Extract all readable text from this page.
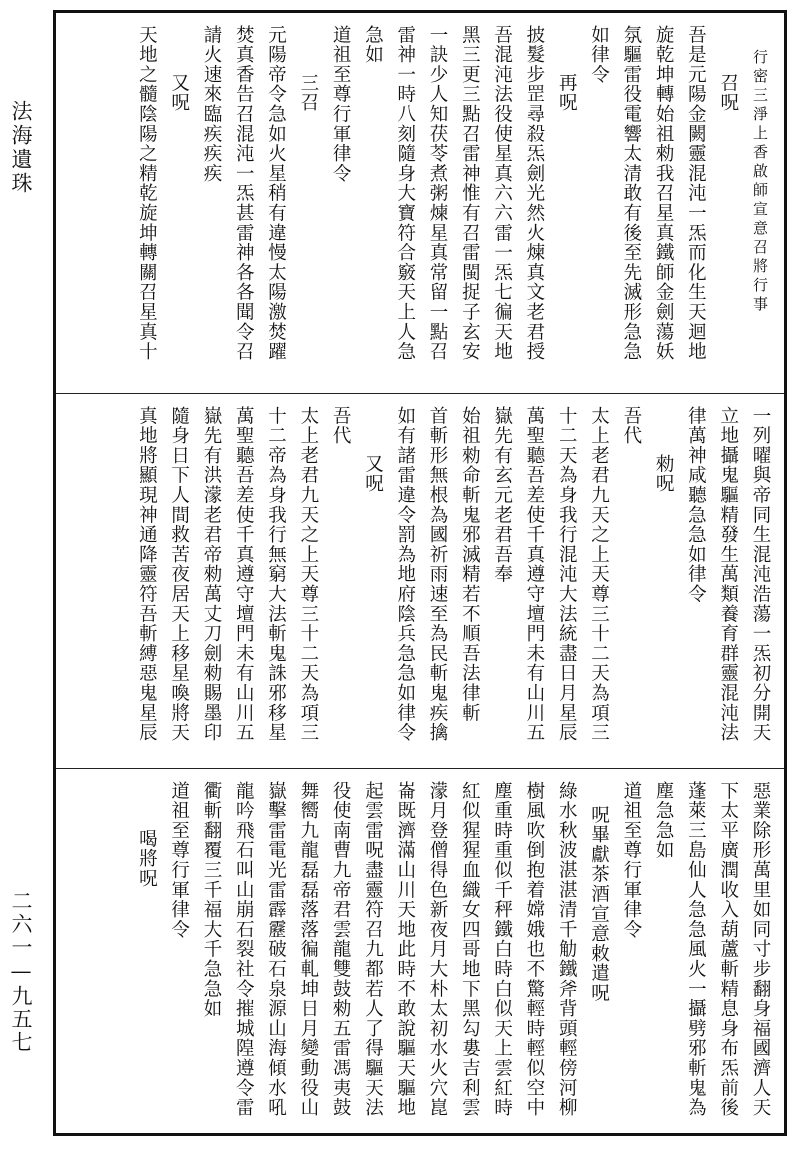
法海遺珠
二六一—九五七
行密三淨上香啟師宣意召將行事
召呪
吾是元陽金闕靈混沌一炁而化生天迴地
旋乾坤轉始祖勑我召星真鐵師金劍蕩妖
氛驅雷役電響太清敢有後至先滅形急急
如律令
再呪
披髮步罡尋殺炁劍光然火煉真文老君授
吾混沌法役使星真六六雷一炁七徧天地
黑三更三點召雷神惟有召雷閩捉子玄安
一訣少人知茯苓煮粥煉星真常留一點召
雷神一時八刻隨身大寶符合竅天上人急
急如
道祖至尊行軍律令
三召
元陽帝令急如火星稍有違慢太陽激焚躍
焚真香告召混沌一炁甚雷神各各聞令召
請火速來臨疾疾疾
又呪
天地之髓陰陽之精乾旋坤轉關召星真十
一列曜與帝同生混沌浩蕩一炁初分開天
立地攝鬼驅精發生萬類養育群靈混沌法
律萬神咸聽急急如律令
勑呪
吾代
太上老君九天之上天尊三十二天為項三
十二天為身我行混沌大法統盡日月星辰
萬聖聽吾差使千真遵守壇門未有山川五
嶽先有玄元老君吾奉
始祖勑命斬鬼邪滅精若不順吾法律斬
首斬形無根為國祈雨速至為民斬鬼疾擒
如有諸雷違令罰為地府陰兵急急如律令
又呪
吾代
太上老君九天之上天尊三十二天為項三
十二帝為身我行無窮大法斬鬼誅邪移星
萬聖聽吾差使千真遵守壇門未有山川五
嶽先有洪濛老君帝勑萬丈刀劍勑賜墨印
隨身日下人間救苦夜居天上移星喚將天
真地將顯現神通降靈符吾斬縛惡鬼星辰
惡業除形萬里如同寸步翻身福國濟人天
下太平廣潤收入葫蘆斬精息身布炁前後
蓬萊三島仙人急急風火一攝劈邪斬鬼為
塵急急如
道祖至尊行軍律令
呪畢獻茶酒宣意敕遣呪
綠水秋波湛湛清千觔鐵斧背頭輕傍河柳
樹風吹倒抱着嫦娥也不驚輕時輕似空中
塵重時重似千秤鐵白時白似天上雲紅時
紅似猩猩血織女四哥地下黑勾婁吉利雲
濛月登僧得色新夜月大朴太初水火穴崑
崙既濟滿山川天地此時不敢說驅天驅地
起雲雷呪盡靈符召九都若人了得驅天法
役使南曹九帝君雲龍雙鼓勑五雷馮夷鼓
舞嚮九龍磊磊落落徧軋坤日月變動役山
嶽擊雷電光雷霹靂破石泉源山海傾水吼
龍吟飛石叫山崩石裂社令摧城隍遵令雷
衢斬翻覆三千福大千急急如
道祖至尊行軍律令
喝將呪
